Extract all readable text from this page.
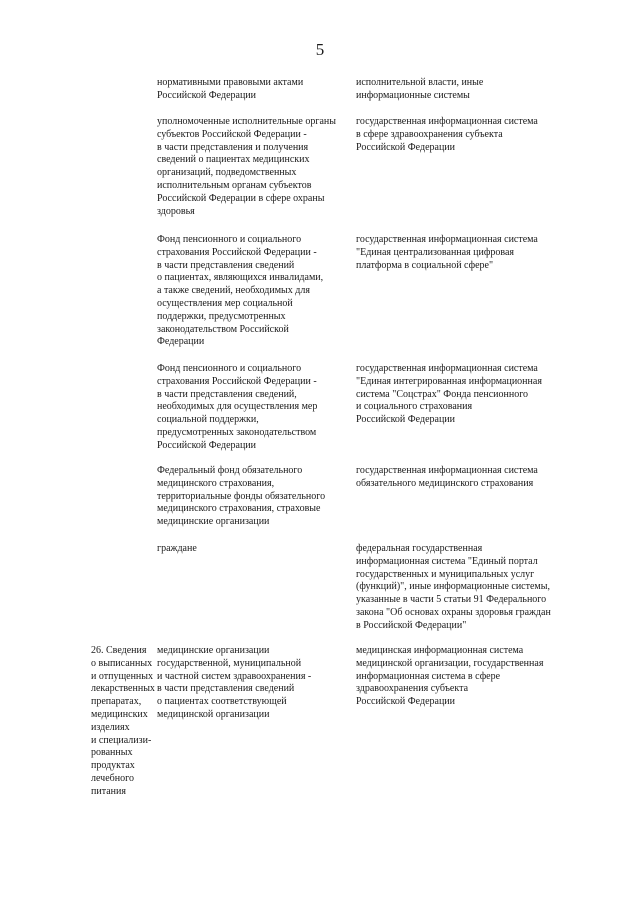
5
нормативными правовыми актами
Российской Федерации
исполнительной власти, иные
информационные системы
уполномоченные исполнительные органы
субъектов Российской Федерации -
в части представления и получения
сведений о пациентах медицинских
организаций, подведомственных
исполнительным органам субъектов
Российской Федерации в сфере охраны
здоровья
государственная информационная система
в сфере здравоохранения субъекта
Российской Федерации
Фонд пенсионного и социального
страхования Российской Федерации -
в части представления сведений
о пациентах, являющихся инвалидами,
а также сведений, необходимых для
осуществления мер социальной
поддержки, предусмотренных
законодательством Российской
Федерации
государственная информационная система
"Единая централизованная цифровая
платформа в социальной сфере"
Фонд пенсионного и социального
страхования Российской Федерации -
в части представления сведений,
необходимых для осуществления мер
социальной поддержки,
предусмотренных законодательством
Российской Федерации
государственная информационная система
"Единая интегрированная информационная
система "Соцстрах" Фонда пенсионного
и социального страхования
Российской Федерации
Федеральный фонд обязательного
медицинского страхования,
территориальные фонды обязательного
медицинского страхования, страховые
медицинские организации
государственная информационная система
обязательного медицинского страхования
граждане	федеральная государственная
информационная система "Единый портал
государственных и муниципальных услуг
(функций)", иные информационные системы,
указанные в части 5 статьи 91 Федерального
закона "Об основах охраны здоровья граждан
в Российской Федерации"
26. Сведения
о выписанных
и отпущенных
лекарственных
препаратах,
медицинских
изделиях
и специализи-
рованных
продуктах
лечебного
питания
медицинские организации
государственной, муниципальной
и частной систем здравоохранения -
в части представления сведений
о пациентах соответствующей
медицинской организации
медицинская информационная система
медицинской организации, государственная
информационная система в сфере
здравоохранения субъекта
Российской Федерации
